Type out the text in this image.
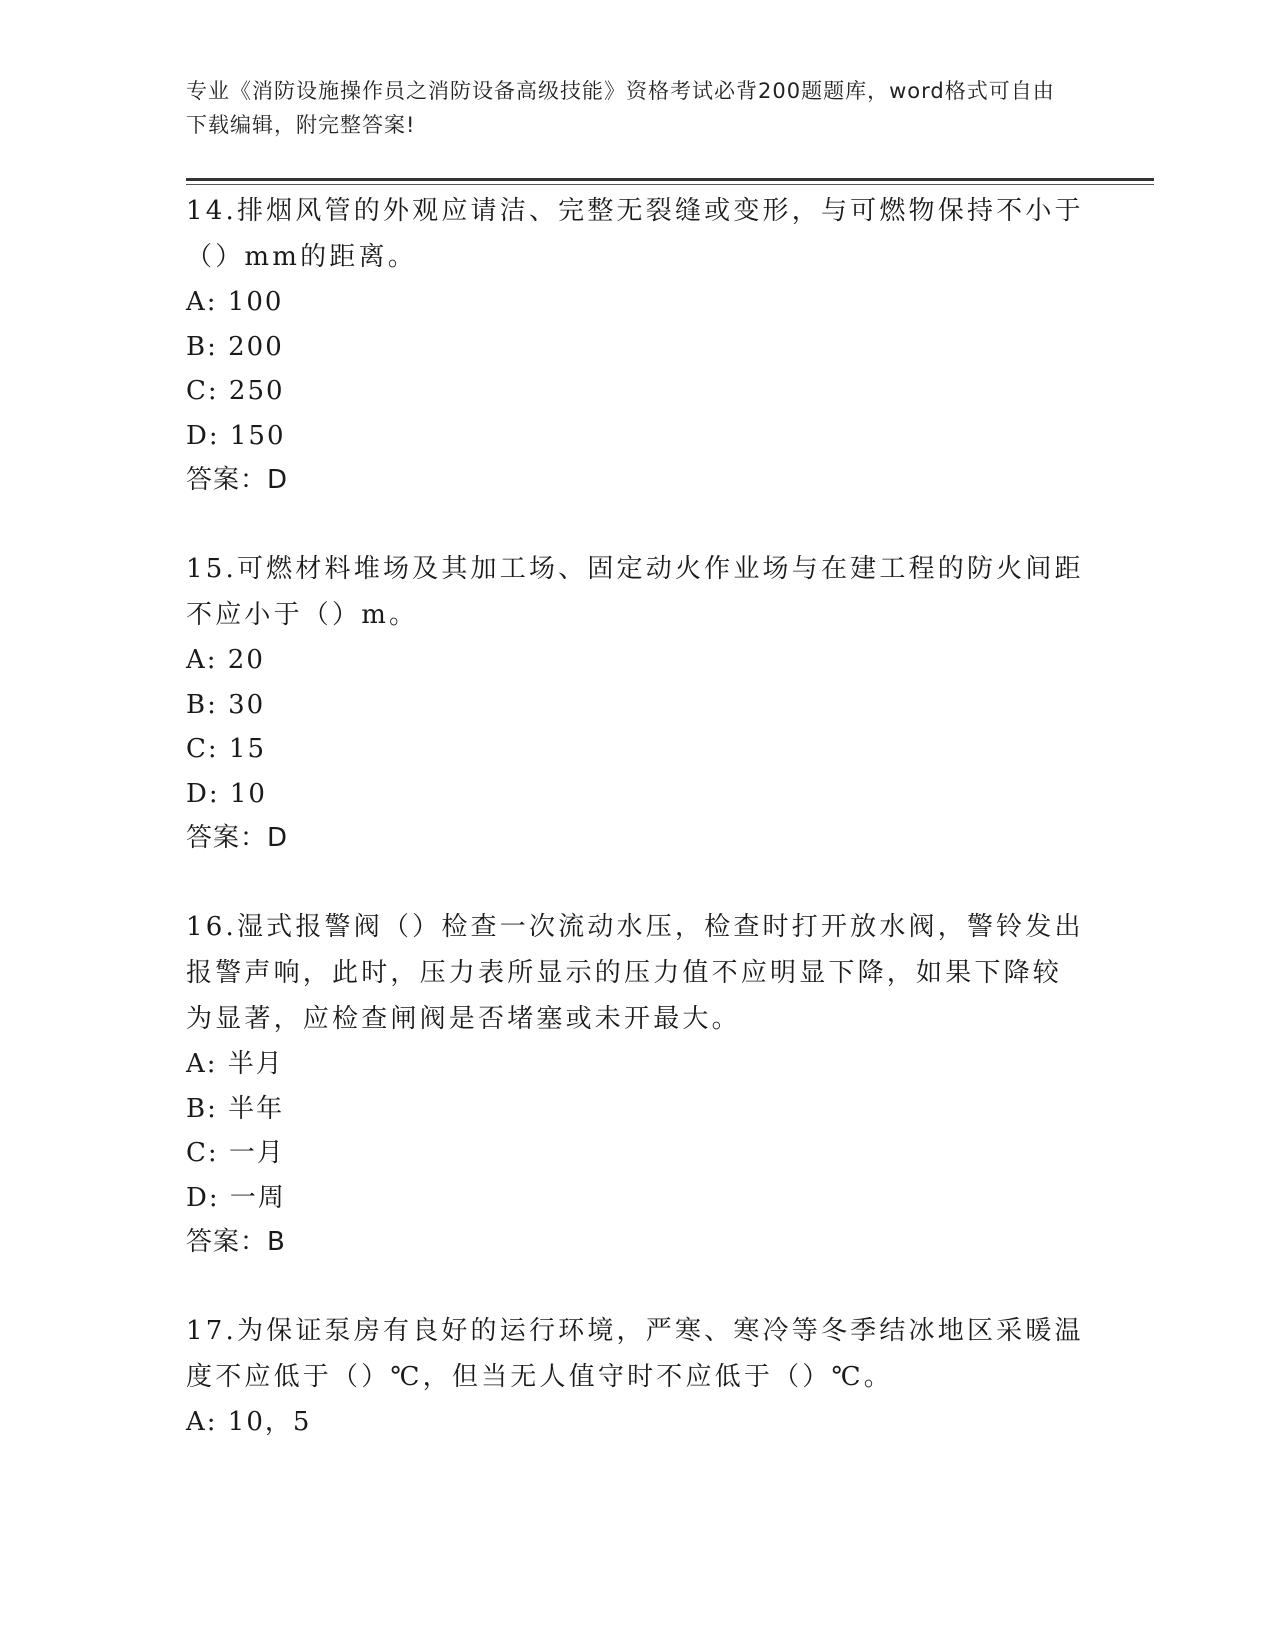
专业《消防设施操作员之消防设备高级技能》资格考试必背200题题库，word格式可自由下载编辑，附完整答案!

14.排烟风管的外观应请洁、完整无裂缝或变形，与可燃物保持不小于（）mm的距离。

A: 100

B: 200

C: 250

D: 150

答案：D

15.可燃材料堆场及其加工场、固定动火作业场与在建工程的防火间距不应小于（）m。

A: 20

B: 30

C: 15

D: 10

答案：D

16.湿式报警阀（）检查一次流动水压，检查时打开放水阀，警铃发出报警声响，此时，压力表所显示的压力值不应明显下降，如果下降较为显著，应检查闸阀是否堵塞或未开最大。

A: 半月

B: 半年

C: 一月

D: 一周

答案：B

17.为保证泵房有良好的运行环境，严寒、寒冷等冬季结冰地区采暖温度不应低于（）℃，但当无人值守时不应低于（）℃。

A: 10，5
